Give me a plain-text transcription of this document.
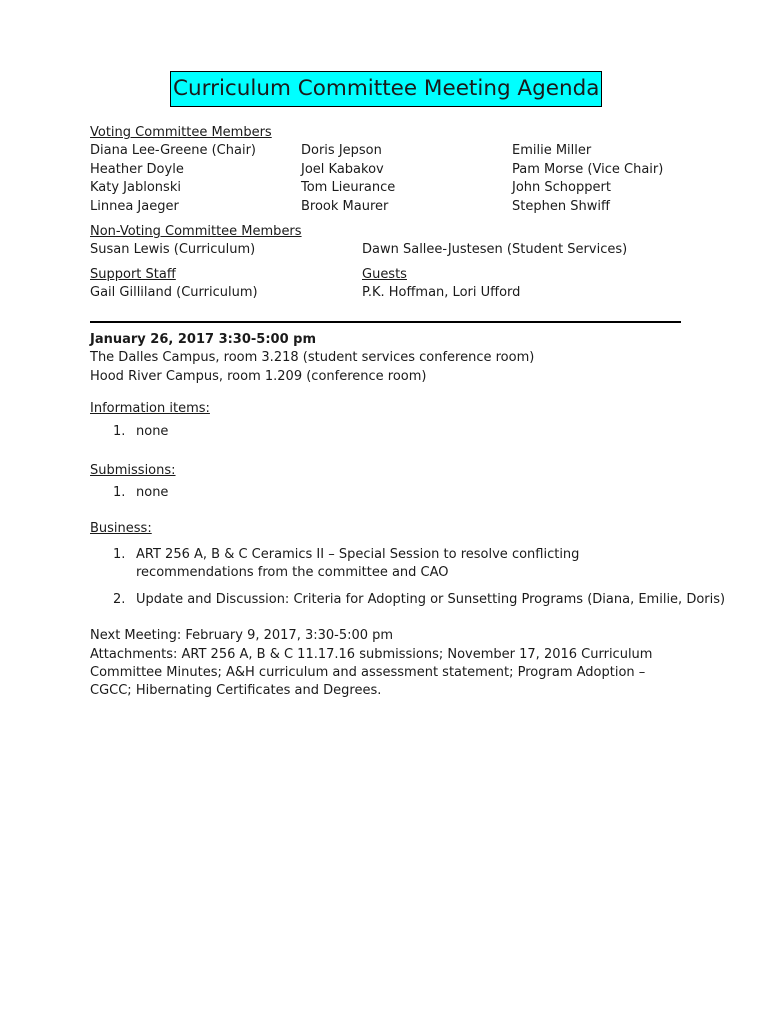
Curriculum Committee Meeting Agenda
Voting Committee Members
Diana Lee-Greene (Chair)
Heather Doyle
Katy Jablonski
Linnea Jaeger
Doris Jepson
Joel Kabakov
Tom Lieurance
Brook Maurer
Emilie Miller
Pam Morse (Vice Chair)
John Schoppert
Stephen Shwiff
Non-Voting Committee Members
Susan Lewis (Curriculum)	Dawn Sallee-Justesen (Student Services)
Support Staff
Gail Gilliland (Curriculum)
Guests
P.K. Hoffman, Lori Ufford
January 26, 2017 3:30-5:00 pm
The Dalles Campus, room 3.218 (student services conference room)
Hood River Campus, room 1.209 (conference room)
Information items:
1. none
Submissions:
1. none
Business:
1. ART 256 A, B & C Ceramics II – Special Session to resolve conflicting recommendations from the committee and CAO
2. Update and Discussion: Criteria for Adopting or Sunsetting Programs (Diana, Emilie, Doris)
Next Meeting: February 9, 2017, 3:30-5:00 pm
Attachments: ART 256 A, B & C 11.17.16 submissions; November 17, 2016 Curriculum Committee Minutes; A&H curriculum and assessment statement; Program Adoption – CGCC; Hibernating Certificates and Degrees.
